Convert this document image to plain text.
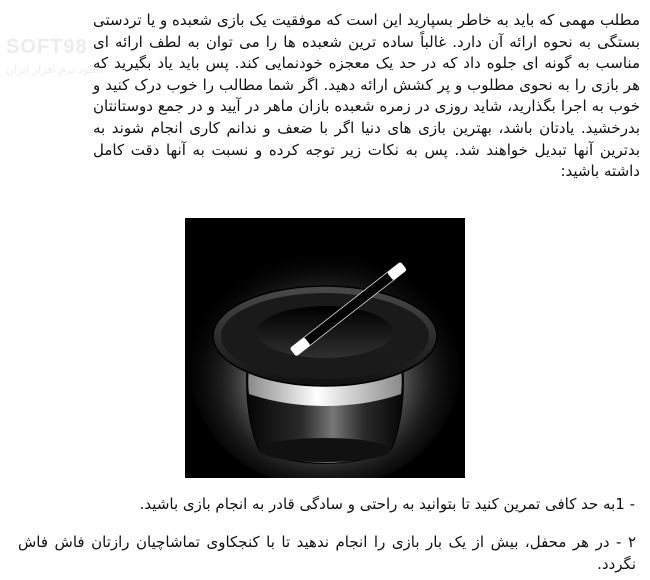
SOFT98
دانلود نرم افزار ایران

مطلب مهمی که باید به خاطر بسپارید این است که موفقیت یک بازی شعبده و یا تردستی بستگی به نحوه ارائه آن دارد. غالباً ساده ترین شعبده ها را می توان به لطف ارائه ای مناسب به گونه ای جلوه داد که در حد یک معجزه خودنمایی کند. پس باید یاد بگیرید که هر بازی را به نحوی مطلوب و پر کشش ارائه دهید. اگر شما مطالب را خوب درک کنید و خوب به اجرا بگذارید، شاید روزی در زمره شعبده بازان ماهر در آیید و در جمع دوستانتان بدرخشید. یادتان باشد، بهترین بازی های دنیا اگر با ضعف و ندانم کاری انجام شوند به بدترین آنها تبدیل خواهند شد. پس به نکات زیر توجه کرده و نسبت به آنها دقت کامل داشته باشید:

- 1به حد کافی تمرین کنید تا بتوانید به راحتی و سادگی قادر به انجام بازی باشید.

۲ - در هر محفل، بیش از یک بار بازی را انجام ندهید تا با کنجکاوی تماشاچیان رازتان فاش فاش نگردد.
